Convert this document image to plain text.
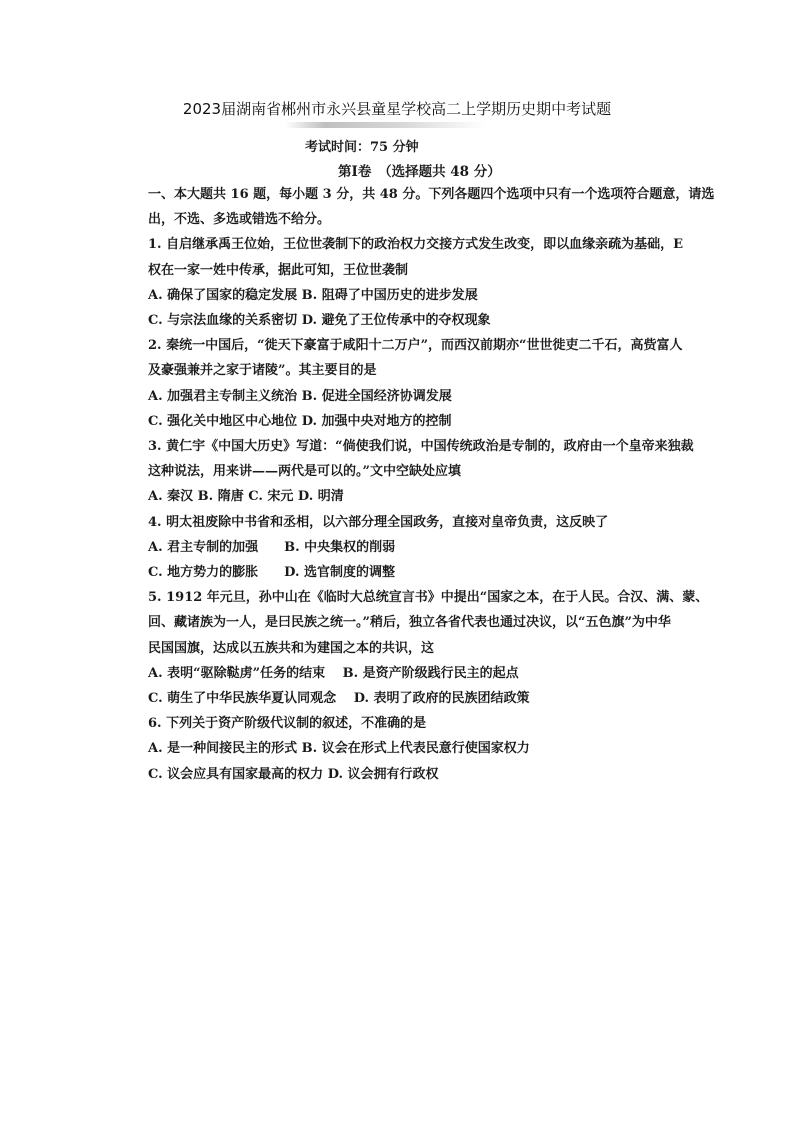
2023届湖南省郴州市永兴县童星学校高二上学期历史期中考试题
考试时间：75 分钟
第Ⅰ卷　（选择题共 48 分）

一、本大题共 16 题，每小题 3 分，共 48 分。下列各题四个选项中只有一个选项符合题意，请选

出，不选、多选或错选不给分。

1. 自启继承禹王位始，王位世袭制下的政治权力交接方式发生改变，即以血缘亲疏为基础，E

权在一家一姓中传承，据此可知，王位世袭制

A. 确保了国家的稳定发展 B. 阻碍了中国历史的进步发展

C. 与宗法血缘的关系密切 D. 避免了王位传承中的夺权现象

2. 秦统一中国后，“徙天下豪富于咸阳十二万户”，而西汉前期亦“世世徙吏二千石，高赀富人

及豪强兼并之家于诸陵”。其主要目的是

A. 加强君主专制主义统治 B. 促进全国经济协调发展

C. 强化关中地区中心地位 D. 加强中央对地方的控制

3. 黄仁宇《中国大历史》写道：“倘使我们说，中国传统政治是专制的，政府由一个皇帝来独裁

这种说法，用来讲——两代是可以的。”文中空缺处应填

A. 秦汉 B. 隋唐 C. 宋元 D. 明清

4. 明太祖废除中书省和丞相，以六部分理全国政务，直接对皇帝负责，这反映了

A. 君主专制的加强　　B. 中央集权的削弱

C. 地方势力的膨胀　　D. 选官制度的调整

5. 1912 年元旦，孙中山在《临时大总统宣言书》中提出“国家之本，在于人民。合汉、满、蒙、

回、藏诸族为一人，是曰民族之统一。”稍后，独立各省代表也通过决议，以“五色旗”为中华

民国国旗，达成以五族共和为建国之本的共识，这

A. 表明“驱除鞑虏”任务的结束　 B. 是资产阶级践行民主的起点

C. 萌生了中华民族华夏认同观念　 D. 表明了政府的民族团结政策

6. 下列关于资产阶级代议制的叙述，不准确的是

A. 是一种间接民主的形式 B. 议会在形式上代表民意行使国家权力

C. 议会应具有国家最高的权力 D. 议会拥有行政权
